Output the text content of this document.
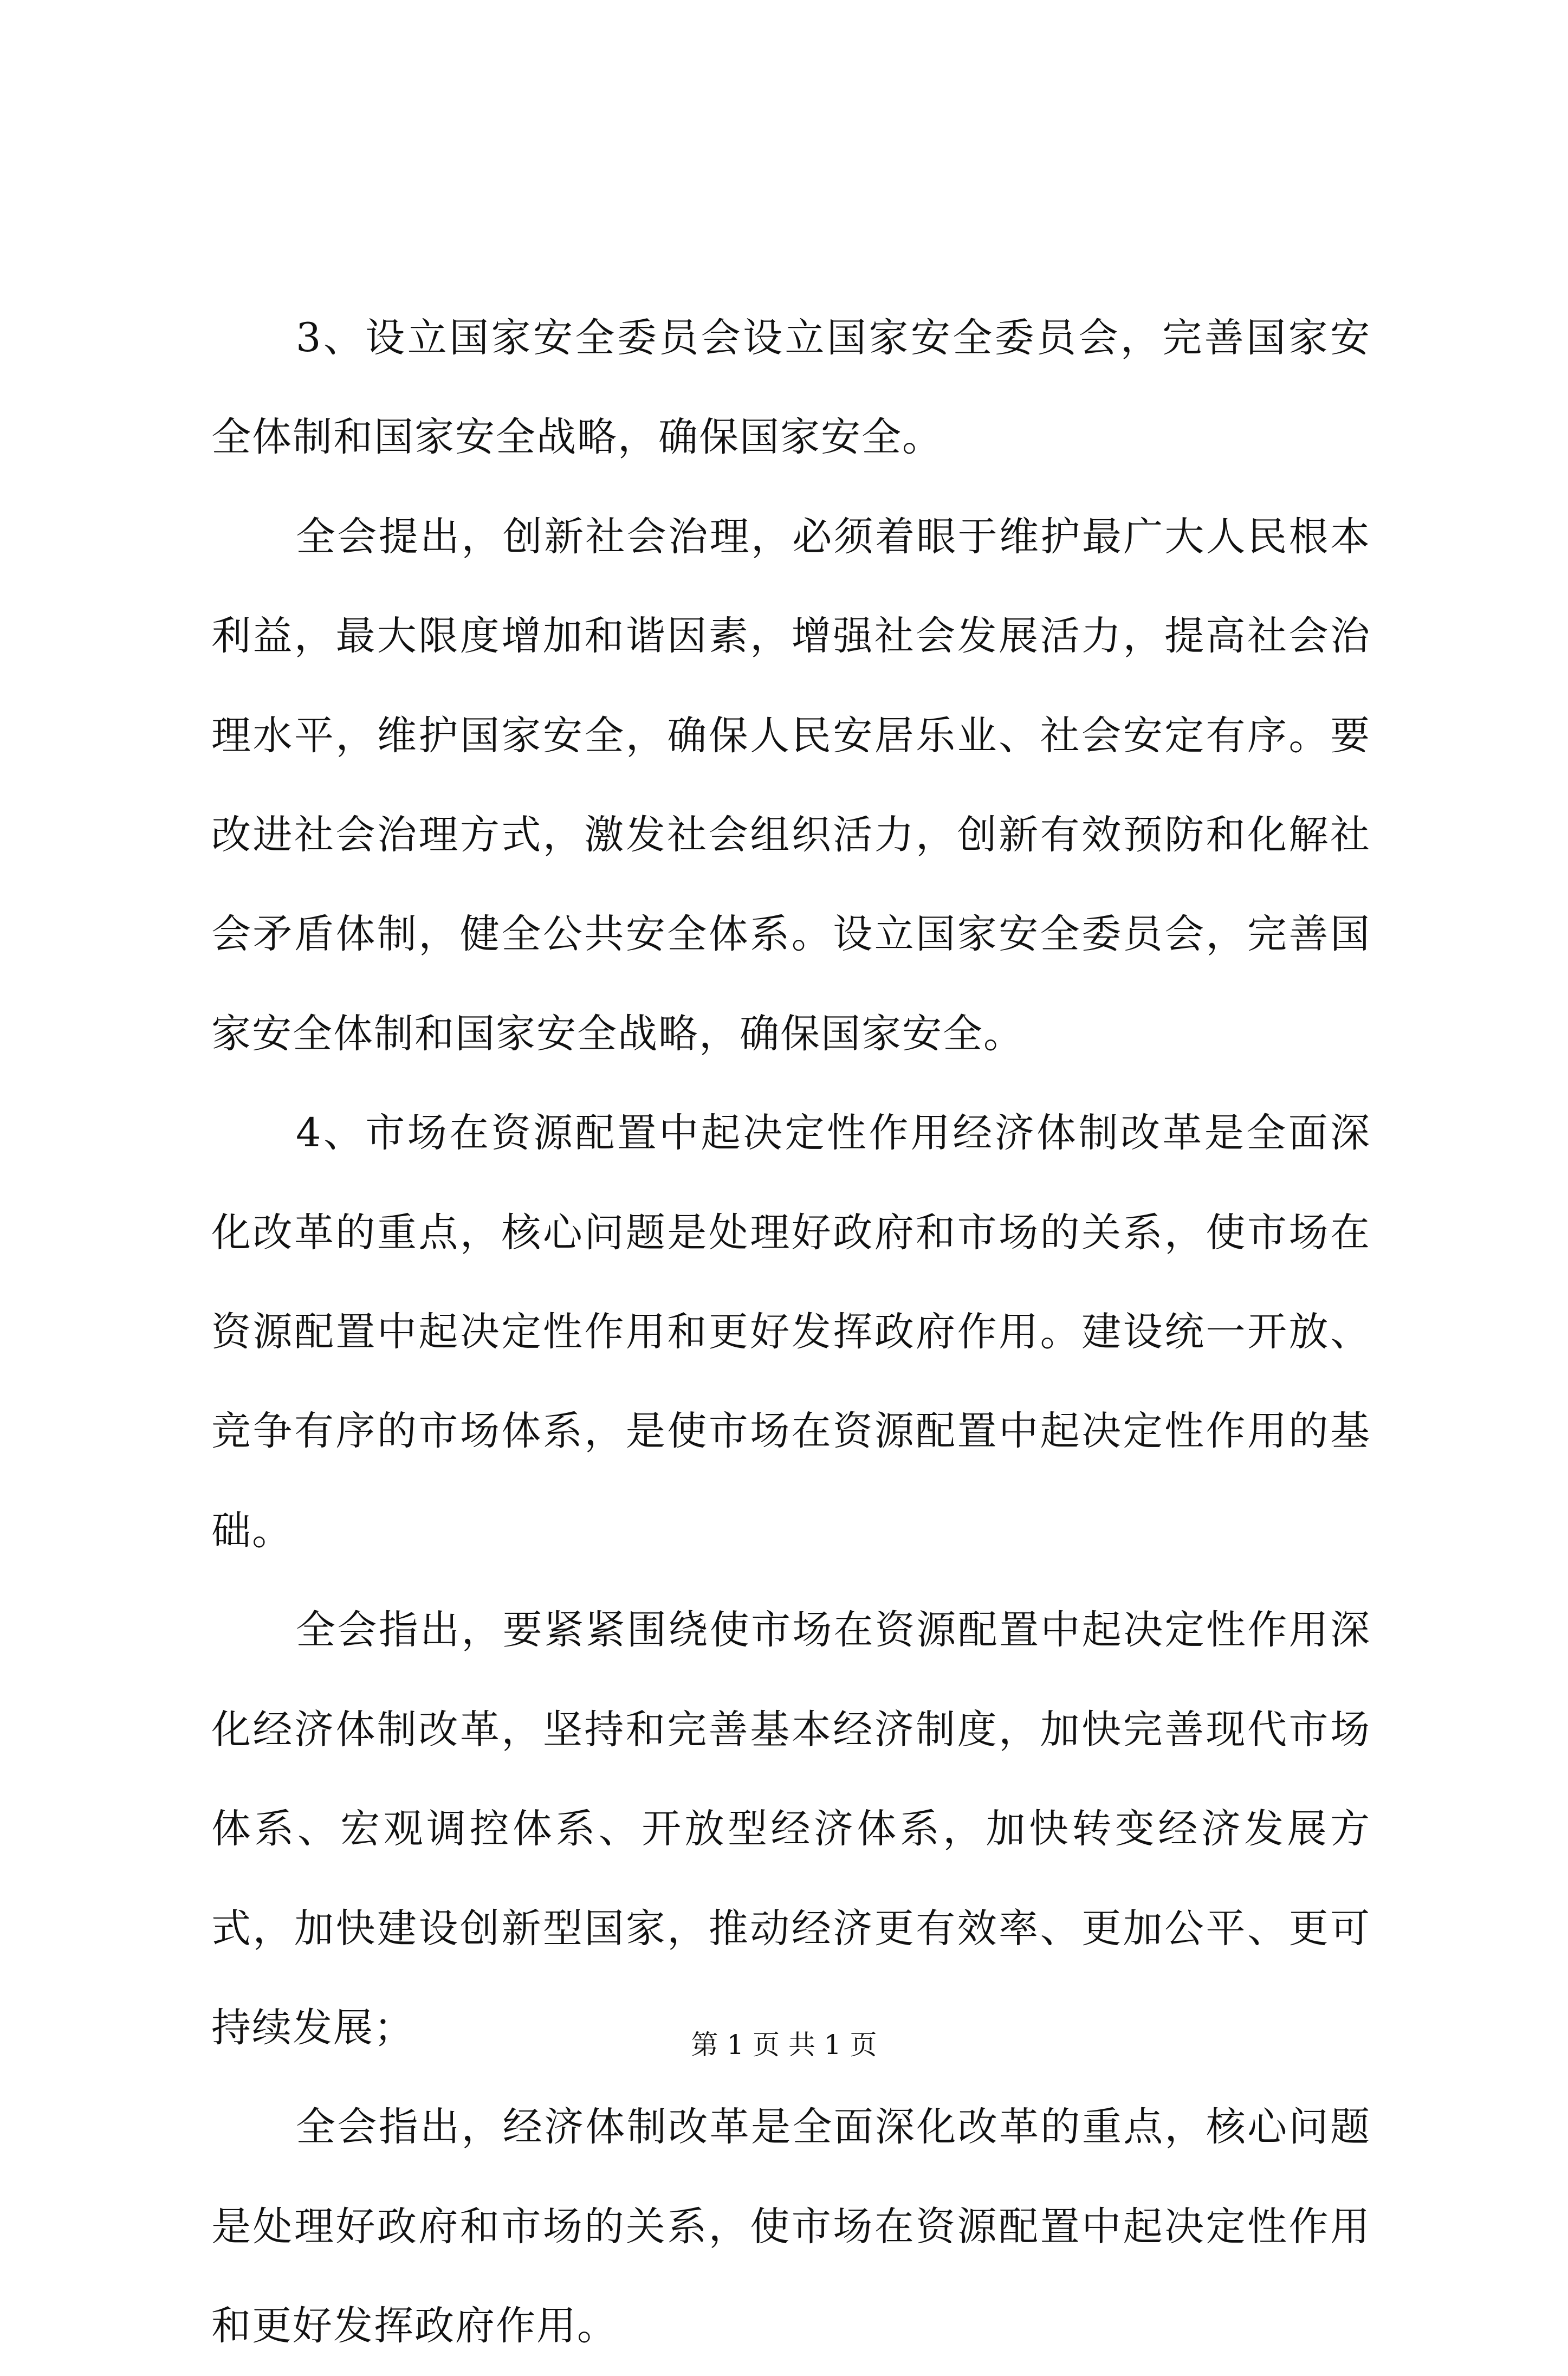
3、设立国家安全委员会设立国家安全委员会，完善国家安全体制和国家安全战略，确保国家安全。

全会提出，创新社会治理，必须着眼于维护最广大人民根本利益，最大限度增加和谐因素，增强社会发展活力，提高社会治理水平，维护国家安全，确保人民安居乐业、社会安定有序。要改进社会治理方式，激发社会组织活力，创新有效预防和化解社会矛盾体制，健全公共安全体系。设立国家安全委员会，完善国家安全体制和国家安全战略，确保国家安全。

4、市场在资源配置中起决定性作用经济体制改革是全面深化改革的重点，核心问题是处理好政府和市场的关系，使市场在资源配置中起决定性作用和更好发挥政府作用。建设统一开放、竞争有序的市场体系，是使市场在资源配置中起决定性作用的基础。

全会指出，要紧紧围绕使市场在资源配置中起决定性作用深化经济体制改革，坚持和完善基本经济制度，加快完善现代市场体系、宏观调控体系、开放型经济体系，加快转变经济发展方式，加快建设创新型国家，推动经济更有效率、更加公平、更可持续发展；

全会指出，经济体制改革是全面深化改革的重点，核心问题是处理好政府和市场的关系，使市场在资源配置中起决定性作用和更好发挥政府作用。

第 1 页 共 1 页
